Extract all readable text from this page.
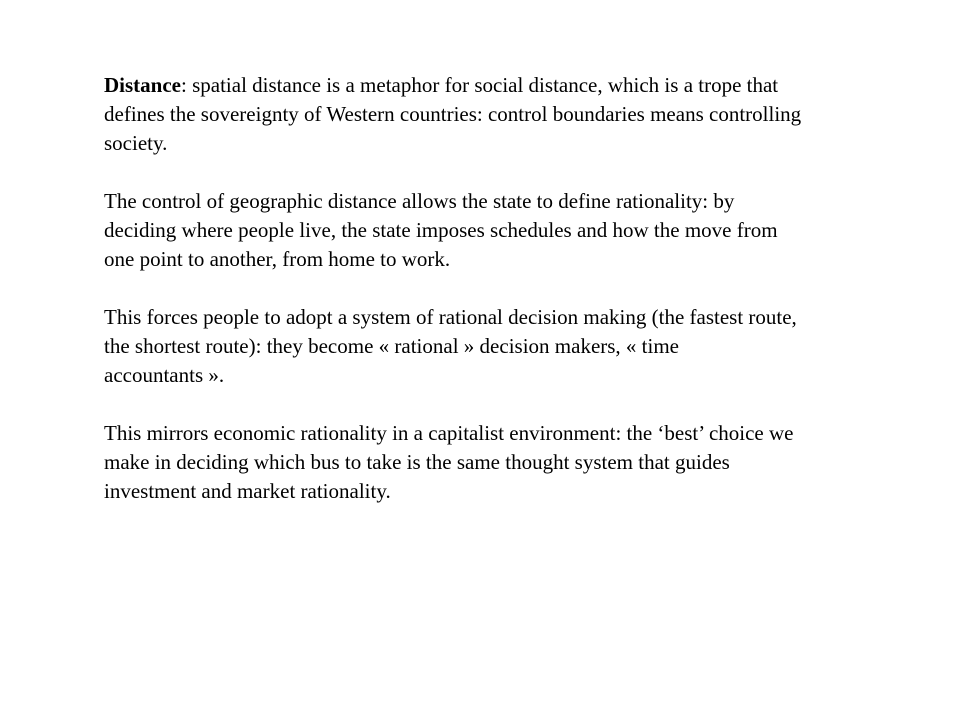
Distance: spatial distance is a metaphor for social distance, which is a trope that
defines the sovereignty of Western countries: control boundaries means controlling
society.

The control of geographic distance allows the state to define rationality: by
deciding where people live, the state imposes schedules and how the move from
one point to another, from home to work.

This forces people to adopt a system of rational decision making (the fastest route,
the shortest route): they become « rational » decision makers, « time
accountants ».

This mirrors economic rationality in a capitalist environment: the ‘best’ choice we
make in deciding which bus to take is the same thought system that guides
investment and market rationality.
